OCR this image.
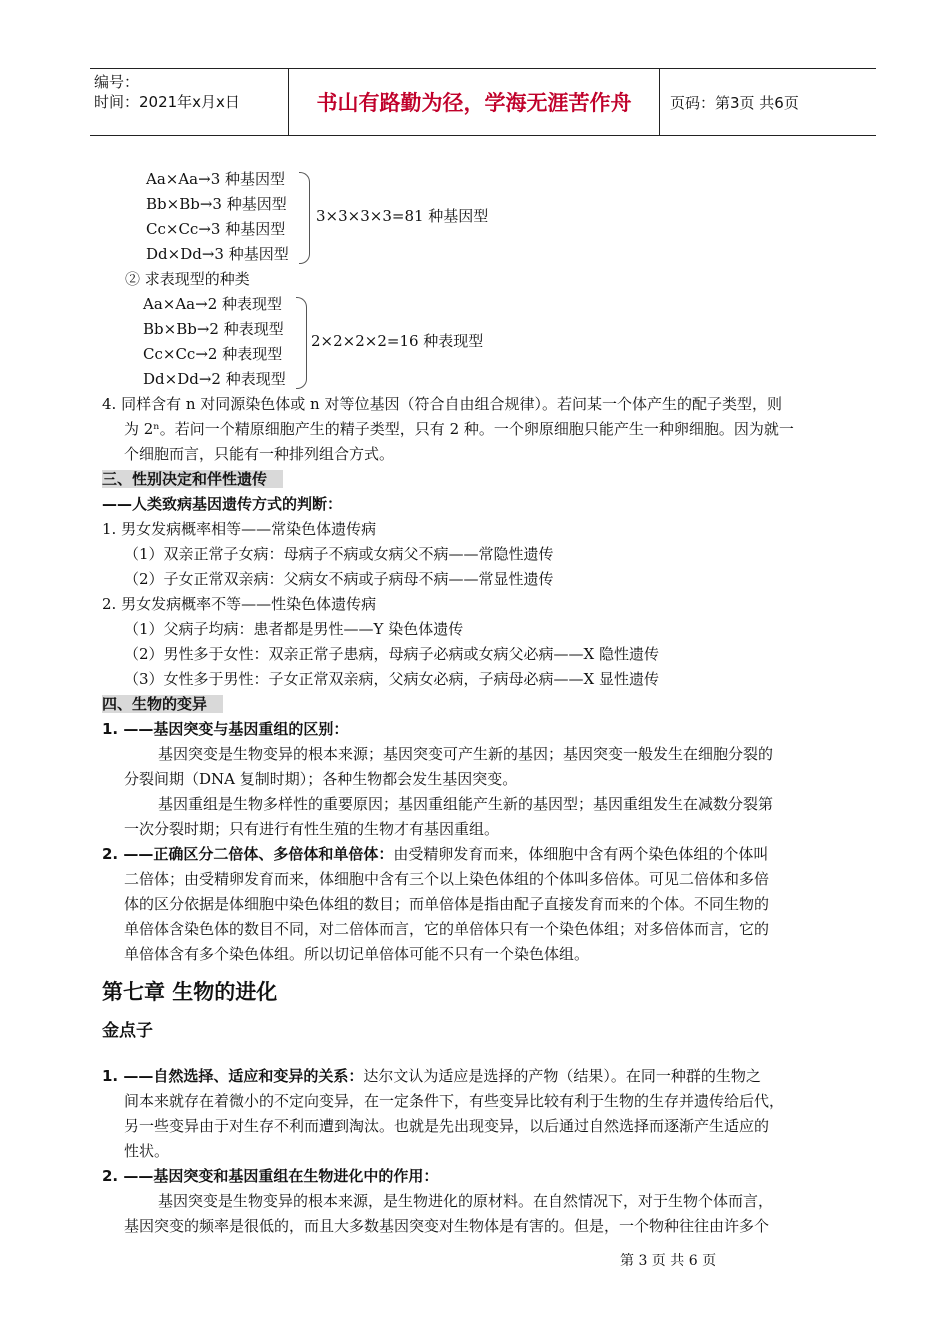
编号：
时间：2021年x月x日	书山有路勤为径，学海无涯苦作舟	页码：第3页 共6页
Aa×Aa→3 种基因型
Bb×Bb→3 种基因型
Cc×Cc→3 种基因型
Dd×Dd→3 种基因型
3×3×3×3=81 种基因型
② 求表现型的种类
Aa×Aa→2 种表现型
Bb×Bb→2 种表现型
Cc×Cc→2 种表现型
Dd×Dd→2 种表现型
2×2×2×2=16 种表现型
4. 同样含有 n 对同源染色体或 n 对等位基因（符合自由组合规律）。若问某一个体产生的配子类型，则
为 2ⁿ。若问一个精原细胞产生的精子类型，只有 2 种。一个卵原细胞只能产生一种卵细胞。因为就一
个细胞而言，只能有一种排列组合方式。
三、性别决定和伴性遗传
——人类致病基因遗传方式的判断：
1. 男女发病概率相等——常染色体遗传病
（1）双亲正常子女病：母病子不病或女病父不病——常隐性遗传
（2）子女正常双亲病：父病女不病或子病母不病——常显性遗传
2. 男女发病概率不等——性染色体遗传病
（1）父病子均病：患者都是男性——Y 染色体遗传
（2）男性多于女性：双亲正常子患病，母病子必病或女病父必病——X 隐性遗传
（3）女性多于男性：子女正常双亲病，父病女必病，子病母必病——X 显性遗传
四、生物的变异
1. ——基因突变与基因重组的区别：
基因突变是生物变异的根本来源；基因突变可产生新的基因；基因突变一般发生在细胞分裂的
分裂间期（DNA 复制时期）；各种生物都会发生基因突变。
基因重组是生物多样性的重要原因；基因重组能产生新的基因型；基因重组发生在减数分裂第
一次分裂时期；只有进行有性生殖的生物才有基因重组。
2. ——正确区分二倍体、多倍体和单倍体：由受精卵发育而来，体细胞中含有两个染色体组的个体叫
二倍体；由受精卵发育而来，体细胞中含有三个以上染色体组的个体叫多倍体。可见二倍体和多倍
体的区分依据是体细胞中染色体组的数目；而单倍体是指由配子直接发育而来的个体。不同生物的
单倍体含染色体的数目不同，对二倍体而言，它的单倍体只有一个染色体组；对多倍体而言，它的
单倍体含有多个染色体组。所以切记单倍体可能不只有一个染色体组。
第七章 生物的进化
金点子
1. ——自然选择、适应和变异的关系：达尔文认为适应是选择的产物（结果）。在同一种群的生物之
间本来就存在着微小的不定向变异，在一定条件下，有些变异比较有利于生物的生存并遗传给后代，
另一些变异由于对生存不利而遭到淘汰。也就是先出现变异，以后通过自然选择而逐渐产生适应的
性状。
2. ——基因突变和基因重组在生物进化中的作用：
基因突变是生物变异的根本来源，是生物进化的原材料。在自然情况下，对于生物个体而言，
基因突变的频率是很低的，而且大多数基因突变对生物体是有害的。但是，一个物种往往由许多个
第 3 页 共 6 页
